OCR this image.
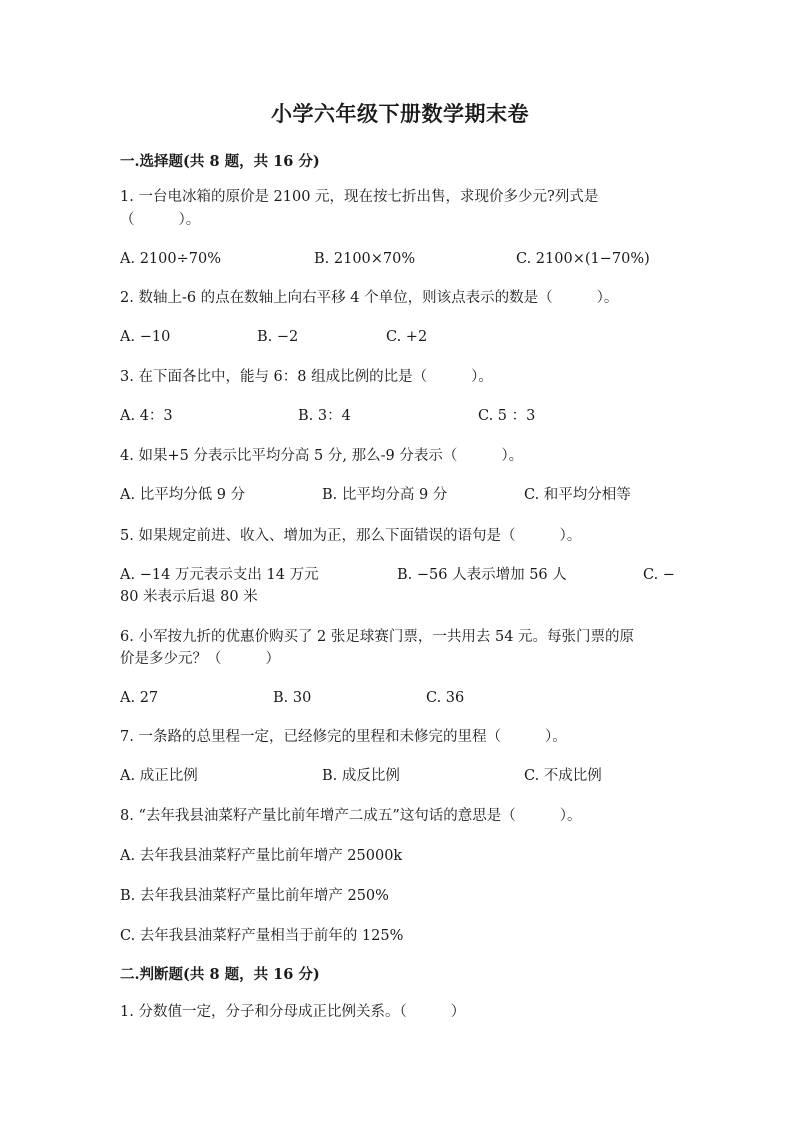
小学六年级下册数学期末卷
一.选择题(共 8 题，共 16 分)
1. 一台电冰箱的原价是 2100 元，现在按七折出售，求现价多少元?列式是
（	）。
A. 2100÷70%	B. 2100×70%	C. 2100×(1−70%)
2. 数轴上-6 的点在数轴上向右平移 4 个单位，则该点表示的数是（	）。
A. −10	B. −2	C. +2
3. 在下面各比中，能与 6：8 组成比例的比是（	）。
A. 4：3	B. 3：4	C. 5 ：3
4. 如果+5 分表示比平均分高 5 分, 那么-9 分表示（	）。
A. 比平均分低 9 分	B. 比平均分高 9 分	C. 和平均分相等
5. 如果规定前进、收入、增加为正，那么下面错误的语句是（	）。
A. −14 万元表示支出 14 万元	B. −56 人表示增加 56 人	C. −
80 米表示后退 80 米
6. 小军按九折的优惠价购买了 2 张足球赛门票，一共用去 54 元。每张门票的原
价是多少元？（	）
A. 27	B. 30	C. 36
7. 一条路的总里程一定，已经修完的里程和未修完的里程（	）。
A. 成正比例	B. 成反比例	C. 不成比例
8. “去年我县油菜籽产量比前年增产二成五”这句话的意思是（	）。
A. 去年我县油菜籽产量比前年增产 25000k
B. 去年我县油菜籽产量比前年增产 250%
C. 去年我县油菜籽产量相当于前年的 125%
二.判断题(共 8 题，共 16 分)
1. 分数值一定，分子和分母成正比例关系。（	）
